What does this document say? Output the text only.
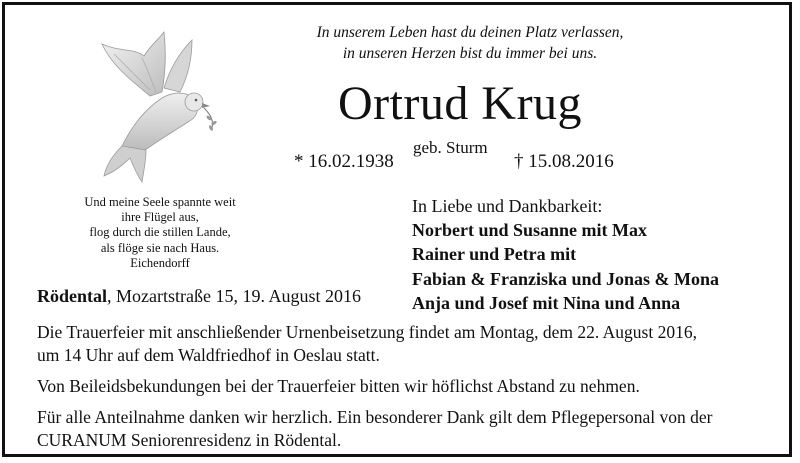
In unserem Leben hast du deinen Platz verlassen,
in unseren Herzen bist du immer bei uns.
Ortrud Krug
* 16.02.1938
geb. Sturm
† 15.08.2016
Und meine Seele spannte weit
ihre Flügel aus,
flog durch die stillen Lande,
als flöge sie nach Haus.
Eichendorff
In Liebe und Dankbarkeit:
Norbert und Susanne mit Max
Rainer und Petra mit
Fabian & Franziska und Jonas & Mona
Anja und Josef mit Nina und Anna
Rödental, Mozartstraße 15, 19. August 2016

Die Trauerfeier mit anschließender Urnenbeisetzung findet am Montag, dem 22. August 2016,
um 14 Uhr auf dem Waldfriedhof in Oeslau statt.

Von Beileidsbekundungen bei der Trauerfeier bitten wir höflichst Abstand zu nehmen.

Für alle Anteilnahme danken wir herzlich. Ein besonderer Dank gilt dem Pflegepersonal von der
CURANUM Seniorenresidenz in Rödental.
